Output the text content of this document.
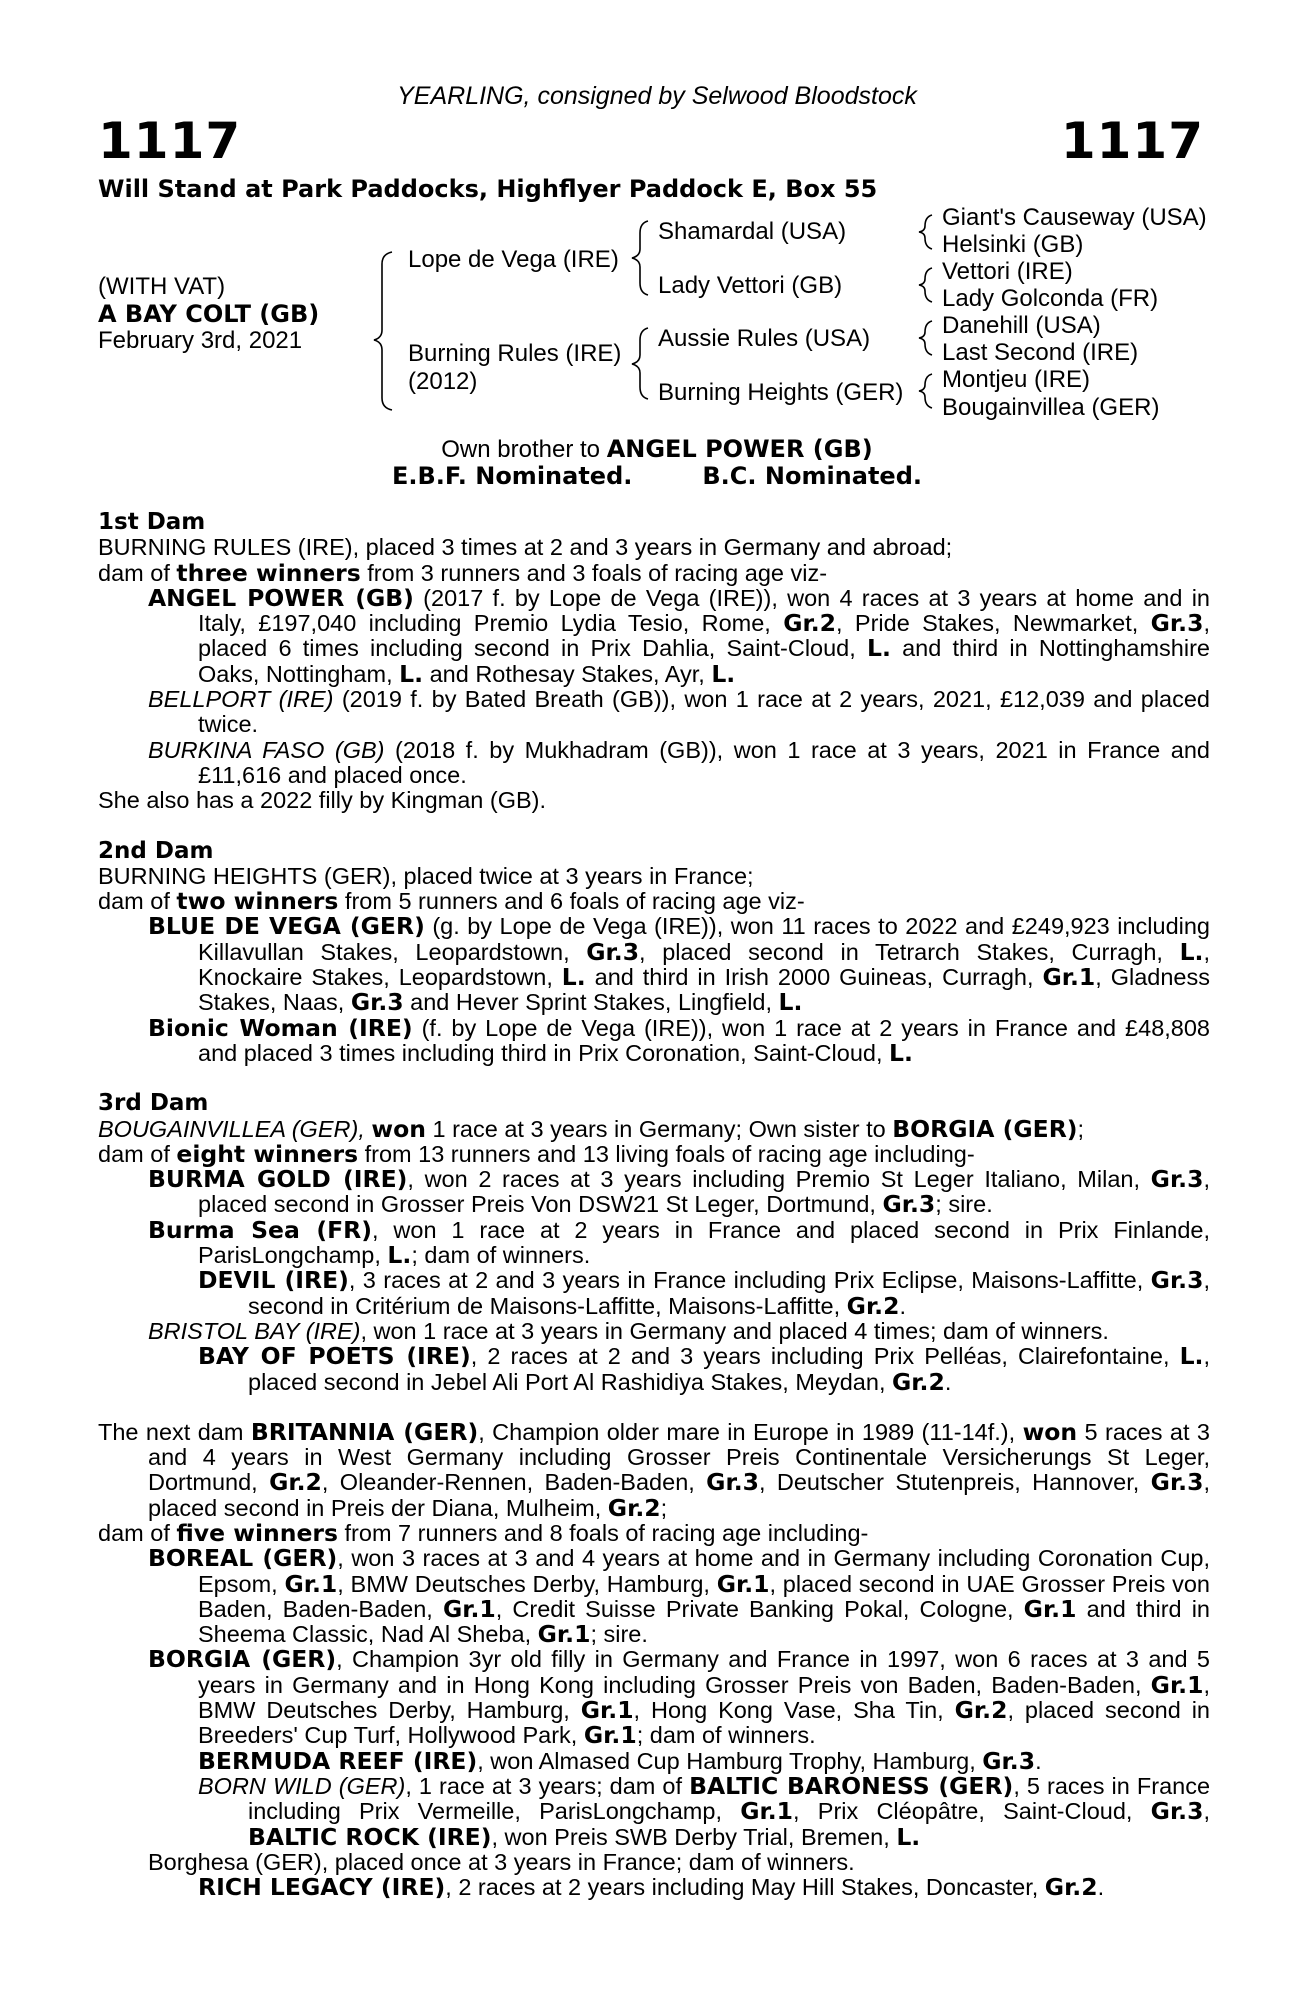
YEARLING, consigned by Selwood Bloodstock
1117	1117
Will Stand at Park Paddocks, Highflyer Paddock E, Box 55
(WITH VAT)
A BAY COLT (GB)
February 3rd, 2021
Lope de Vega (IRE)
Burning Rules (IRE)
(2012)
Shamardal (USA)
Lady Vettori (GB)
Aussie Rules (USA)
Burning Heights (GER)
Giant's Causeway (USA)
Helsinki (GB)
Vettori (IRE)
Lady Golconda (FR)
Danehill (USA)
Last Second (IRE)
Montjeu (IRE)
Bougainvillea (GER)
Own brother to ANGEL POWER (GB)
E.B.F. Nominated.	B.C. Nominated.
1st Dam

BURNING RULES (IRE), placed 3 times at 2 and 3 years in Germany and abroad;

dam of three winners from 3 runners and 3 foals of racing age viz-

ANGEL POWER (GB) (2017 f. by Lope de Vega (IRE)), won 4 races at 3 years at home and in Italy, £197,040 including Premio Lydia Tesio, Rome, Gr.2, Pride Stakes, Newmarket, Gr.3, placed 6 times including second in Prix Dahlia, Saint-Cloud, L. and third in Nottinghamshire Oaks, Nottingham, L. and Rothesay Stakes, Ayr, L.

BELLPORT (IRE) (2019 f. by Bated Breath (GB)), won 1 race at 2 years, 2021, £12,039 and placed twice.

BURKINA FASO (GB) (2018 f. by Mukhadram (GB)), won 1 race at 3 years, 2021 in France and £11,616 and placed once.

She also has a 2022 filly by Kingman (GB).

2nd Dam

BURNING HEIGHTS (GER), placed twice at 3 years in France;

dam of two winners from 5 runners and 6 foals of racing age viz-

BLUE DE VEGA (GER) (g. by Lope de Vega (IRE)), won 11 races to 2022 and £249,923 including Killavullan Stakes, Leopardstown, Gr.3, placed second in Tetrarch Stakes, Curragh, L., Knockaire Stakes, Leopardstown, L. and third in Irish 2000 Guineas, Curragh, Gr.1, Gladness Stakes, Naas, Gr.3 and Hever Sprint Stakes, Lingfield, L.

Bionic Woman (IRE) (f. by Lope de Vega (IRE)), won 1 race at 2 years in France and £48,808 and placed 3 times including third in Prix Coronation, Saint-Cloud, L.

3rd Dam

BOUGAINVILLEA (GER), won 1 race at 3 years in Germany; Own sister to BORGIA (GER);

dam of eight winners from 13 runners and 13 living foals of racing age including-

BURMA GOLD (IRE), won 2 races at 3 years including Premio St Leger Italiano, Milan, Gr.3, placed second in Grosser Preis Von DSW21 St Leger, Dortmund, Gr.3; sire.

Burma Sea (FR), won 1 race at 2 years in France and placed second in Prix Finlande, ParisLongchamp, L.; dam of winners.

DEVIL (IRE), 3 races at 2 and 3 years in France including Prix Eclipse, Maisons-Laffitte, Gr.3, second in Critérium de Maisons-Laffitte, Maisons-Laffitte, Gr.2.

BRISTOL BAY (IRE), won 1 race at 3 years in Germany and placed 4 times; dam of winners.

BAY OF POETS (IRE), 2 races at 2 and 3 years including Prix Pelléas, Clairefontaine, L., placed second in Jebel Ali Port Al Rashidiya Stakes, Meydan, Gr.2.

The next dam BRITANNIA (GER), Champion older mare in Europe in 1989 (11-14f.), won 5 races at 3 and 4 years in West Germany including Grosser Preis Continentale Versicherungs St Leger, Dortmund, Gr.2, Oleander-Rennen, Baden-Baden, Gr.3, Deutscher Stutenpreis, Hannover, Gr.3, placed second in Preis der Diana, Mulheim, Gr.2;

dam of five winners from 7 runners and 8 foals of racing age including-

BOREAL (GER), won 3 races at 3 and 4 years at home and in Germany including Coronation Cup, Epsom, Gr.1, BMW Deutsches Derby, Hamburg, Gr.1, placed second in UAE Grosser Preis von Baden, Baden-Baden, Gr.1, Credit Suisse Private Banking Pokal, Cologne, Gr.1 and third in Sheema Classic, Nad Al Sheba, Gr.1; sire.

BORGIA (GER), Champion 3yr old filly in Germany and France in 1997, won 6 races at 3 and 5 years in Germany and in Hong Kong including Grosser Preis von Baden, Baden-Baden, Gr.1, BMW Deutsches Derby, Hamburg, Gr.1, Hong Kong Vase, Sha Tin, Gr.2, placed second in Breeders' Cup Turf, Hollywood Park, Gr.1; dam of winners.

BERMUDA REEF (IRE), won Almased Cup Hamburg Trophy, Hamburg, Gr.3.

BORN WILD (GER), 1 race at 3 years; dam of BALTIC BARONESS (GER), 5 races in France including Prix Vermeille, ParisLongchamp, Gr.1, Prix Cléopâtre, Saint-Cloud, Gr.3, BALTIC ROCK (IRE), won Preis SWB Derby Trial, Bremen, L.

Borghesa (GER), placed once at 3 years in France; dam of winners.

RICH LEGACY (IRE), 2 races at 2 years including May Hill Stakes, Doncaster, Gr.2.
